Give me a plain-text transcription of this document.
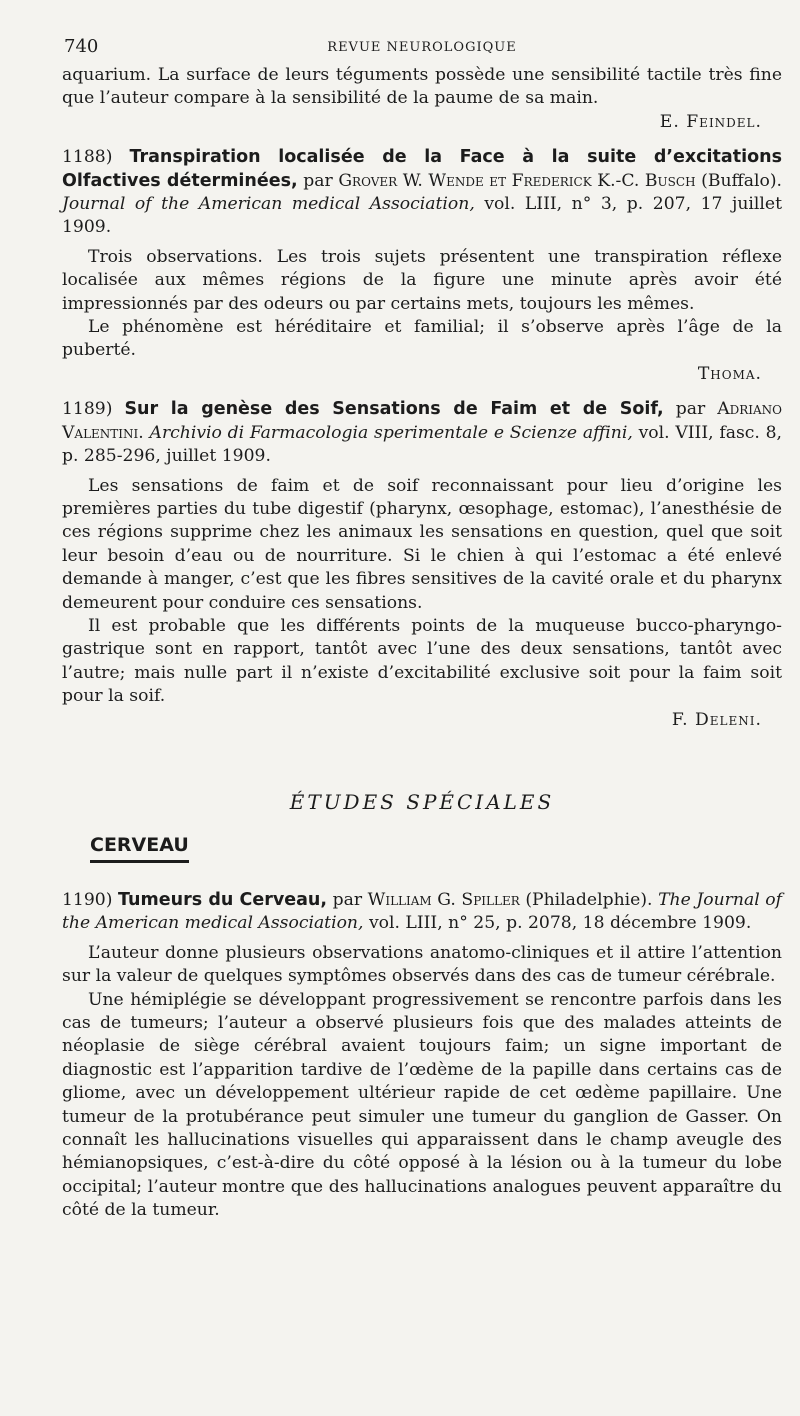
740	REVUE NEUROLOGIQUE

aquarium. La surface de leurs téguments possède une sensibilité tactile très fine que l’auteur compare à la sensibilité de la paume de sa main.

E. Feindel.

1188) Transpiration localisée de la Face à la suite d’excitations Olfactives déterminées, par Grover W. Wende et Frederick K.-C. Busch (Buffalo). Journal of the American medical Association, vol. LIII, n° 3, p. 207, 17 juillet 1909.

Trois observations. Les trois sujets présentent une transpiration réflexe localisée aux mêmes régions de la figure une minute après avoir été impressionnés par des odeurs ou par certains mets, toujours les mêmes.

Le phénomène est héréditaire et familial; il s’observe après l’âge de la puberté.

Thoma.

1189) Sur la genèse des Sensations de Faim et de Soif, par Adriano Valentini. Archivio di Farmacologia sperimentale e Scienze affini, vol. VIII, fasc. 8, p. 285-296, juillet 1909.

Les sensations de faim et de soif reconnaissant pour lieu d’origine les premières parties du tube digestif (pharynx, œsophage, estomac), l’anesthésie de ces régions supprime chez les animaux les sensations en question, quel que soit leur besoin d’eau ou de nourriture. Si le chien à qui l’estomac a été enlevé demande à manger, c’est que les fibres sensitives de la cavité orale et du pharynx demeurent pour conduire ces sensations.

Il est probable que les différents points de la muqueuse bucco-pharyngo-gastrique sont en rapport, tantôt avec l’une des deux sensations, tantôt avec l’autre; mais nulle part il n’existe d’excitabilité exclusive soit pour la faim soit pour la soif.

F. Deleni.

ÉTUDES SPÉCIALES
CERVEAU

1190) Tumeurs du Cerveau, par William G. Spiller (Philadelphie). The Journal of the American medical Association, vol. LIII, n° 25, p. 2078, 18 décembre 1909.

L’auteur donne plusieurs observations anatomo-cliniques et il attire l’attention sur la valeur de quelques symptômes observés dans des cas de tumeur cérébrale.

Une hémiplégie se développant progressivement se rencontre parfois dans les cas de tumeurs; l’auteur a observé plusieurs fois que des malades atteints de néoplasie de siège cérébral avaient toujours faim; un signe important de diagnostic est l’apparition tardive de l’œdème de la papille dans certains cas de gliome, avec un développement ultérieur rapide de cet œdème papillaire. Une tumeur de la protubérance peut simuler une tumeur du ganglion de Gasser. On connaît les hallucinations visuelles qui apparaissent dans le champ aveugle des hémianopsiques, c’est-à-dire du côté opposé à la lésion ou à la tumeur du lobe occipital; l’auteur montre que des hallucinations analogues peuvent apparaître du côté de la tumeur.
